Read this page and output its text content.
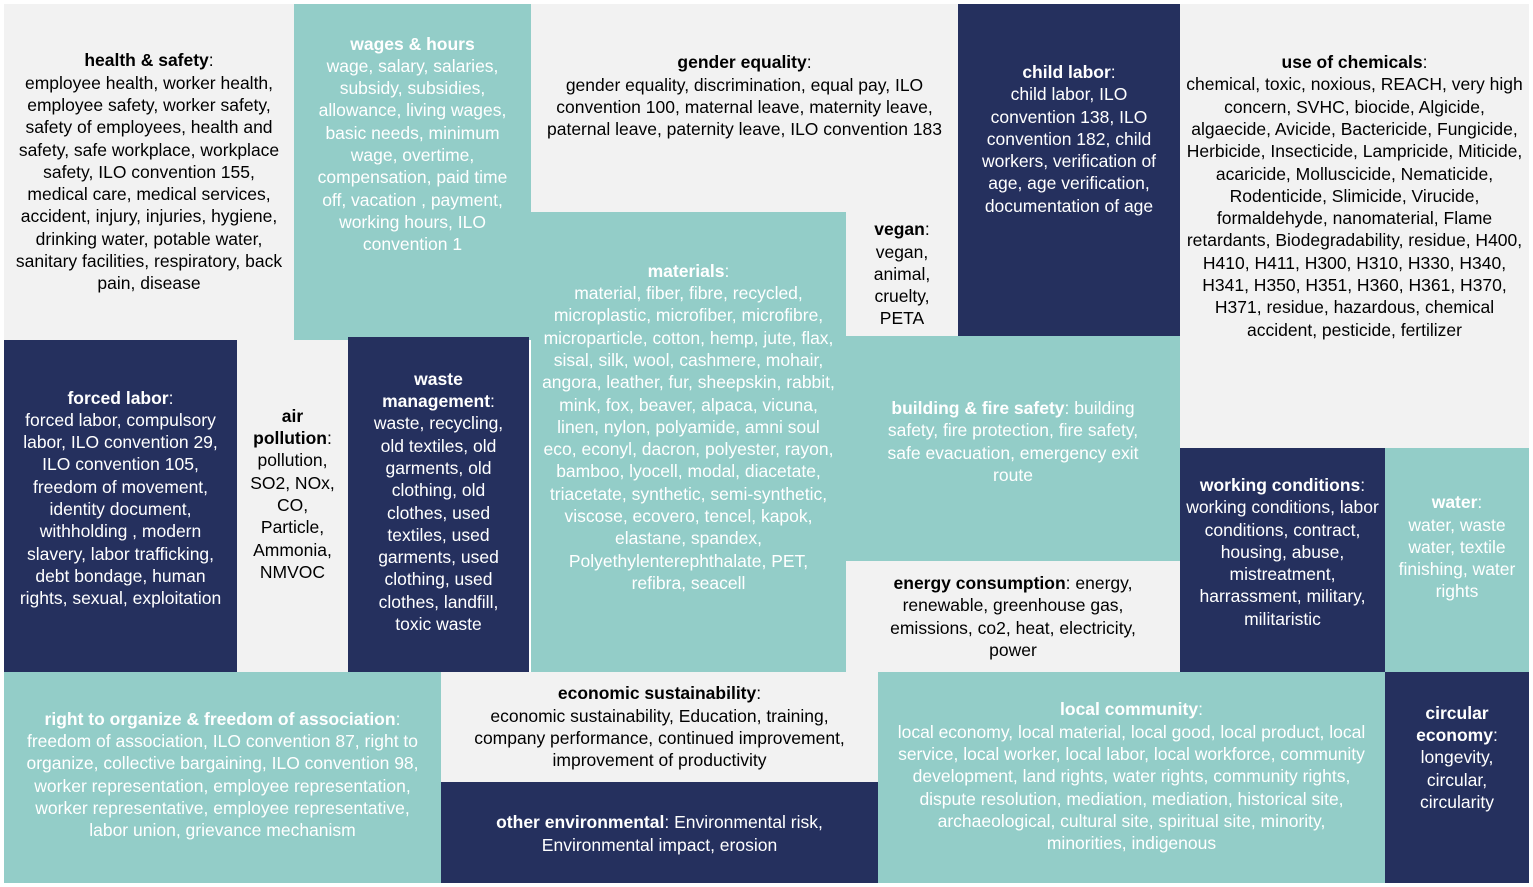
health & safety:
employee health, worker health, employee safety, worker safety, safety of employees, health and safety, safe workplace, workplace safety, ILO convention 155, medical care, medical services, accident, injury, injuries, hygiene, drinking water, potable water, sanitary facilities, respiratory, back pain, disease

wages & hours
wage, salary, salaries, subsidy, subsidies, allowance, living wages, basic needs, minimum wage, overtime, compensation, paid time off, vacation , payment, working hours, ILO convention 1

gender equality:
gender equality, discrimination, equal pay, ILO convention 100, maternal leave, maternity leave, paternal leave, paternity leave, ILO convention 183

child labor:
child labor, ILO convention 138, ILO convention 182, child workers, verification of age, age verification, documentation of age

use of chemicals:
chemical, toxic, noxious, REACH, very high concern, SVHC, biocide, Algicide, algaecide, Avicide, Bactericide, Fungicide, Herbicide, Insecticide, Lampricide, Miticide, acaricide, Molluscicide, Nematicide, Rodenticide, Slimicide, Virucide, formaldehyde, nanomaterial, Flame retardants, Biodegradability, residue, H400, H410, H411, H300, H310, H330, H340, H341, H350, H351, H360, H361, H370, H371, residue, hazardous, chemical accident, pesticide, fertilizer

vegan:
vegan, animal, cruelty, PETA

materials:
material, fiber, fibre, recycled, microplastic, microfiber, microfibre, microparticle, cotton, hemp, jute, flax, sisal, silk, wool, cashmere, mohair, angora, leather, fur, sheepskin, rabbit, mink, fox, beaver, alpaca, vicuna, linen, nylon, polyamide, amni soul eco, econyl, dacron, polyester, rayon, bamboo, lyocell, modal, diacetate, triacetate, synthetic, semi-synthetic, viscose, ecovero, tencel, kapok, elastane, spandex, Polyethylenterephthalate, PET, refibra, seacell

forced labor:
forced labor, compulsory labor, ILO convention 29, ILO convention 105, freedom of movement, identity document, withholding , modern slavery, labor trafficking, debt bondage, human rights, sexual, exploitation

air pollution:
pollution, SO2, NOx, CO, Particle, Ammonia, NMVOC

waste management:
waste, recycling, old textiles, old garments, old clothing, old clothes, used textiles, used garments, used clothing, used clothes, landfill, toxic waste

building & fire safety: building safety, fire protection, fire safety, safe evacuation, emergency exit route

working conditions:
working conditions, labor conditions, contract, housing, abuse, mistreatment, harrassment, military, militaristic

water:
water, waste water, textile finishing, water rights

energy consumption: energy, renewable, greenhouse gas, emissions, co2, heat, electricity, power

right to organize & freedom of association:
freedom of association, ILO convention 87, right to organize, collective bargaining, ILO convention 98, worker representation, employee representation, worker representative, employee representative, labor union, grievance mechanism

economic sustainability:
economic sustainability, Education, training, company performance, continued improvement, improvement of productivity

other environmental: Environmental risk, Environmental impact, erosion

local community:
local economy, local material, local good, local product, local service, local worker, local labor, local workforce, community development, land rights, water rights, community rights, dispute resolution, mediation, mediation, historical site, archaeological, cultural site, spiritual site, minority, minorities, indigenous

circular economy:
longevity, circular, circularity
